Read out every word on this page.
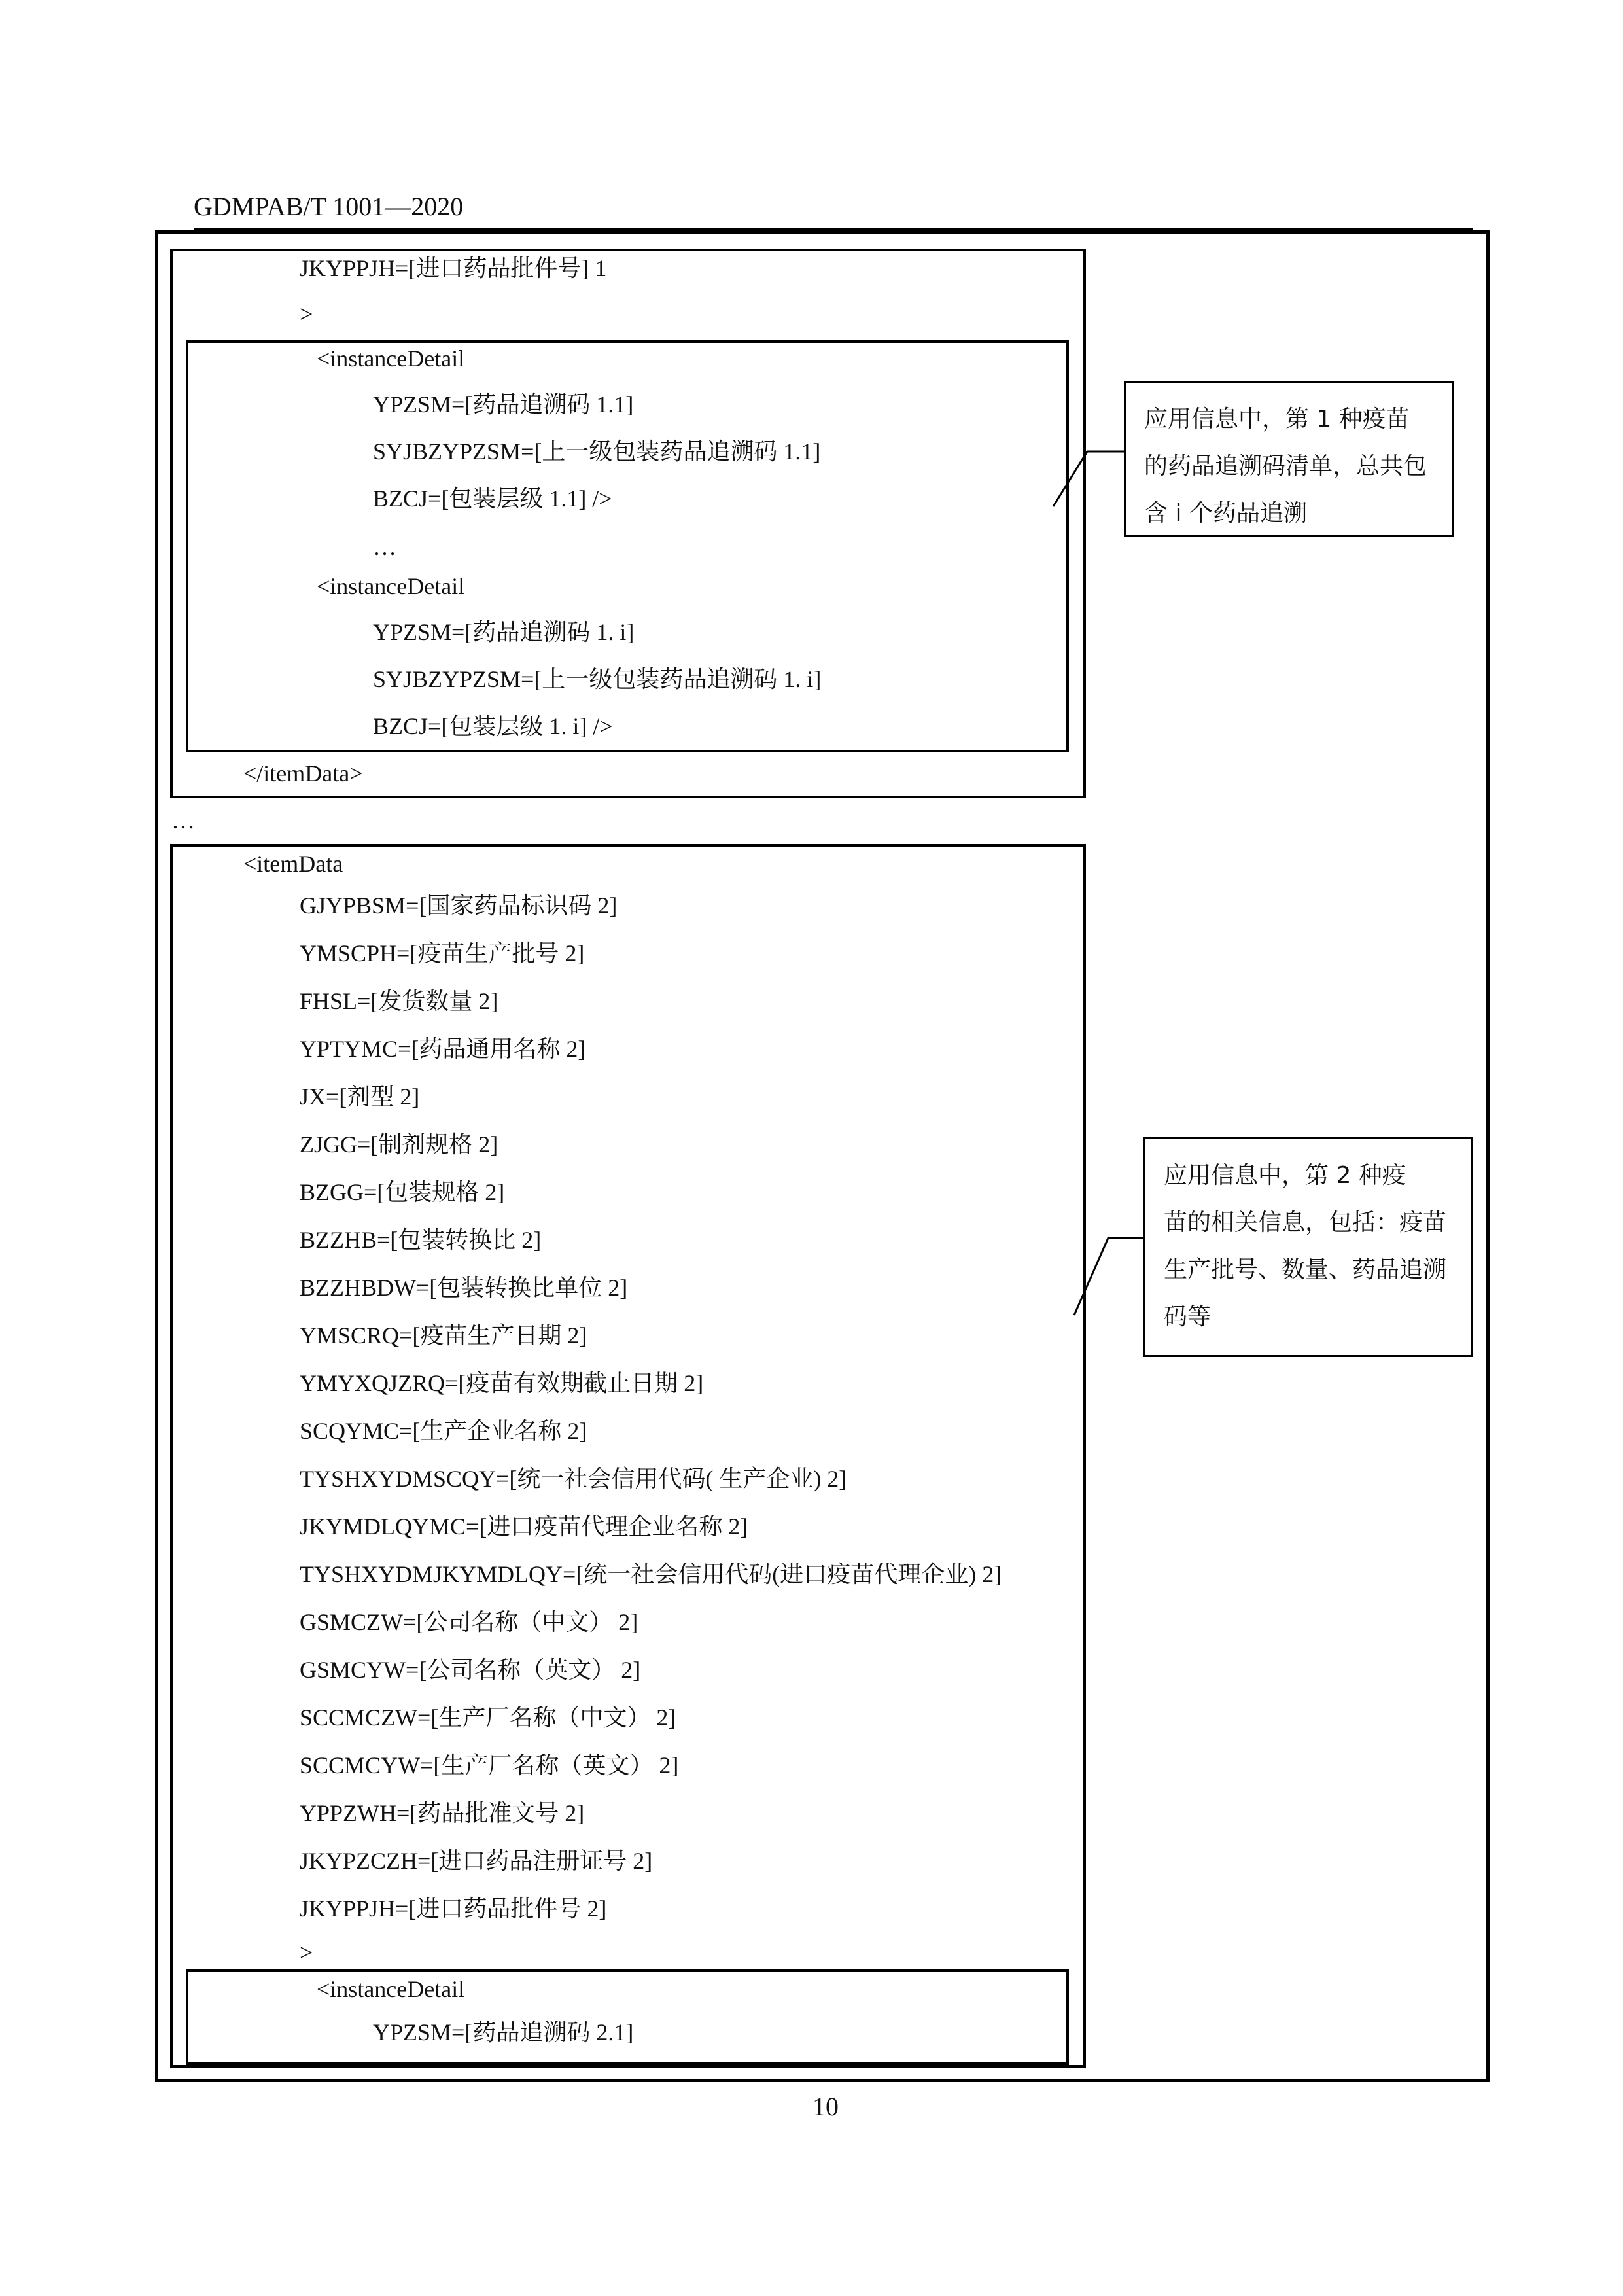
GDMPAB/T 1001—2020
JKYPPJH=[进口药品批件号] 1
>
<instanceDetail
YPZSM=[药品追溯码 1.1]
SYJBZYPZSM=[上一级包装药品追溯码 1.1]
BZCJ=[包装层级 1.1] />
…
<instanceDetail
YPZSM=[药品追溯码 1. i]
SYJBZYPZSM=[上一级包装药品追溯码 1. i]
BZCJ=[包装层级 1. i] />
</itemData>
…
<itemData
GJYPBSM=[国家药品标识码 2]
YMSCPH=[疫苗生产批号 2]
FHSL=[发货数量 2]
YPTYMC=[药品通用名称 2]
JX=[剂型 2]
ZJGG=[制剂规格 2]
BZGG=[包装规格 2]
BZZHB=[包装转换比 2]
BZZHBDW=[包装转换比单位 2]
YMSCRQ=[疫苗生产日期 2]
YMYXQJZRQ=[疫苗有效期截止日期 2]
SCQYMC=[生产企业名称 2]
TYSHXYDMSCQY=[统一社会信用代码( 生产企业) 2]
JKYMDLQYMC=[进口疫苗代理企业名称 2]
TYSHXYDMJKYMDLQY=[统一社会信用代码(进口疫苗代理企业) 2]
GSMCZW=[公司名称（中文） 2]
GSMCYW=[公司名称（英文） 2]
SCCMCZW=[生产厂名称（中文） 2]
SCCMCYW=[生产厂名称（英文） 2]
YPPZWH=[药品批准文号 2]
JKYPZCZH=[进口药品注册证号 2]
JKYPPJH=[进口药品批件号 2]
>
<instanceDetail
YPZSM=[药品追溯码 2.1]
应用信息中，第 1 种疫苗
的药品追溯码清单，总共包
含 i 个药品追溯
应用信息中，第 2 种疫
苗的相关信息，包括：疫苗
生产批号、数量、药品追溯
码等
10
